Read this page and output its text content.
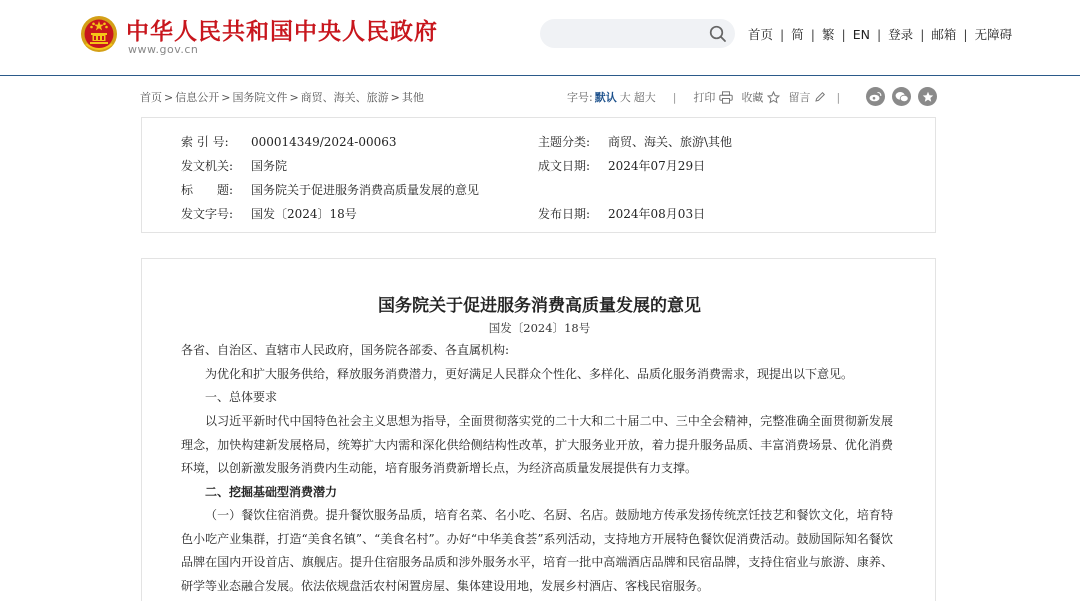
中华人民共和国中央人民政府
www.gov.cn
首页 | 简 | 繁 | EN | 登录 | 邮箱 | 无障碍
首页 > 信息公开 > 国务院文件 > 商贸、海关、旅游 > 其他	字号: 默认 大 超大 | 打印 收藏 留言 |
索 引 号: 000014349/2024-00063	主题分类: 商贸、海关、旅游\其他
发文机关: 国务院	成文日期: 2024年07月29日
标　　题: 国务院关于促进服务消费高质量发展的意见
发文字号: 国发〔2024〕18号	发布日期: 2024年08月03日
国务院关于促进服务消费高质量发展的意见
国发〔2024〕18号
各省、自治区、直辖市人民政府，国务院各部委、各直属机构:
为优化和扩大服务供给，释放服务消费潜力，更好满足人民群众个性化、多样化、品质化服务消费需求，现提出以下意见。
一、总体要求
以习近平新时代中国特色社会主义思想为指导，全面贯彻落实党的二十大和二十届二中、三中全会精神，完整准确全面贯彻新发展理念，加快构建新发展格局，统筹扩大内需和深化供给侧结构性改革，扩大服务业开放，着力提升服务品质、丰富消费场景、优化消费环境，以创新激发服务消费内生动能，培育服务消费新增长点，为经济高质量发展提供有力支撑。
二、挖掘基础型消费潜力
（一）餐饮住宿消费。提升餐饮服务品质，培育名菜、名小吃、名厨、名店。鼓励地方传承发扬传统烹饪技艺和餐饮文化，培育特色小吃产业集群，打造“美食名镇”、“美食名村”。办好“中华美食荟”系列活动，支持地方开展特色餐饮促消费活动。鼓励国际知名餐饮品牌在国内开设首店、旗舰店。提升住宿服务品质和涉外服务水平，培育一批中高端酒店品牌和民宿品牌，支持住宿业与旅游、康养、研学等业态融合发展。依法依规盘活农村闲置房屋、集体建设用地，发展乡村酒店、客栈民宿服务。
